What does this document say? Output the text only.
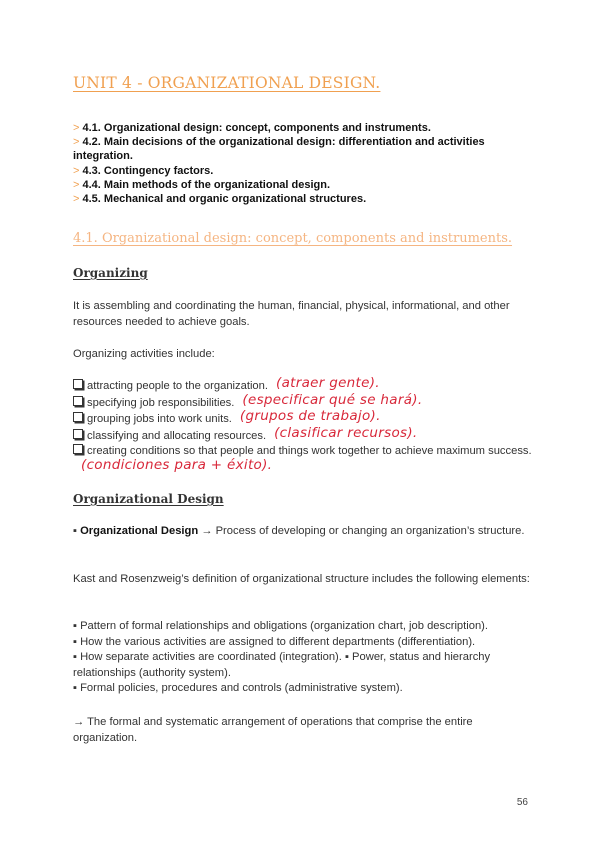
UNIT 4 - ORGANIZATIONAL DESIGN.
> 4.1. Organizational design: concept, components and instruments.
> 4.2. Main decisions of the organizational design: differentiation and activities integration.
> 4.3. Contingency factors.
> 4.4. Main methods of the organizational design.
> 4.5. Mechanical and organic organizational structures.
4.1. Organizational design: concept, components and instruments.
Organizing

It is assembling and coordinating the human, financial, physical, informational, and other resources needed to achieve goals.

Organizing activities include:

attracting people to the organization. (atraer gente).
specifying job responsibilities. (especificar qué se hará).
grouping jobs into work units. (grupos de trabajo).
classifying and allocating resources. (clasificar recursos).
creating conditions so that people and things work together to achieve maximum success.(condiciones para + éxito).
Organizational Design

▪ Organizational Design → Process of developing or changing an organization’s structure.

Kast and Rosenzweig’s definition of organizational structure includes the following elements:

▪ Pattern of formal relationships and obligations (organization chart, job description).
▪ How the various activities are assigned to different departments (differentiation).
▪ How separate activities are coordinated (integration). ▪ Power, status and hierarchy relationships (authority system).
▪ Formal policies, procedures and controls (administrative system).

→ The formal and systematic arrangement of operations that comprise the entire organization.

56
